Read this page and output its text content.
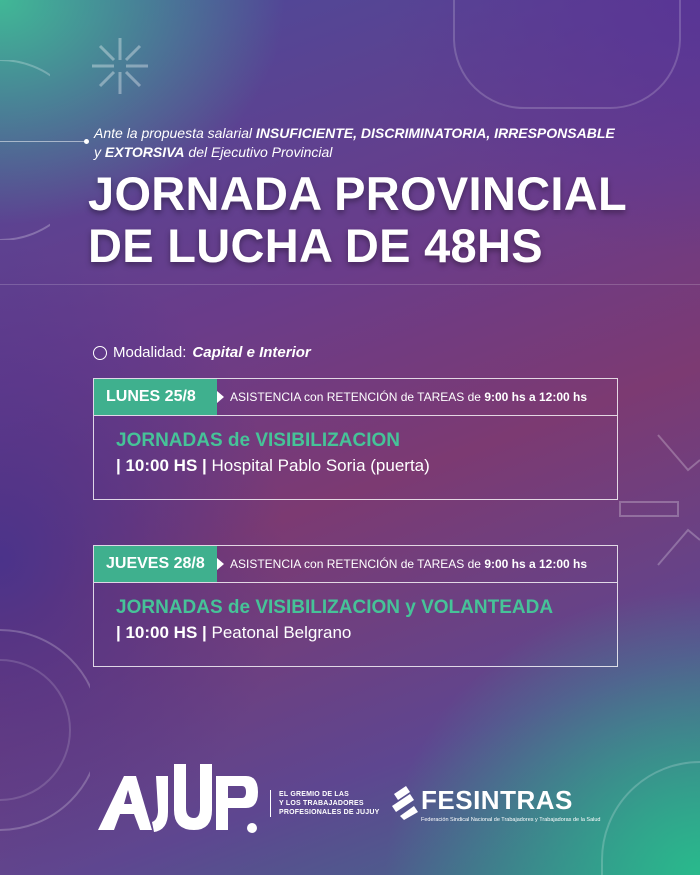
Ante la propuesta salarial INSUFICIENTE, DISCRIMINATORIA, IRRESPONSABLE
y EXTORSIVA del Ejecutivo Provincial
JORNADA PROVINCIAL
DE LUCHA DE 48HS
Modalidad: Capital e Interior
LUNES 25/8	ASISTENCIA con RETENCIÓN de TAREAS de 9:00 hs a 12:00 hs
JORNADAS de VISIBILIZACION
| 10:00 HS | Hospital Pablo Soria (puerta)
JUEVES 28/8	ASISTENCIA con RETENCIÓN de TAREAS de 9:00 hs a 12:00 hs
JORNADAS de VISIBILIZACION y VOLANTEADA
| 10:00 HS | Peatonal Belgrano
EL GREMIO DE LAS
Y LOS TRABAJADORES
PROFESIONALES DE JUJUY FESINTRAS
Federación Sindical Nacional de Trabajadores y Trabajadoras de la Salud
